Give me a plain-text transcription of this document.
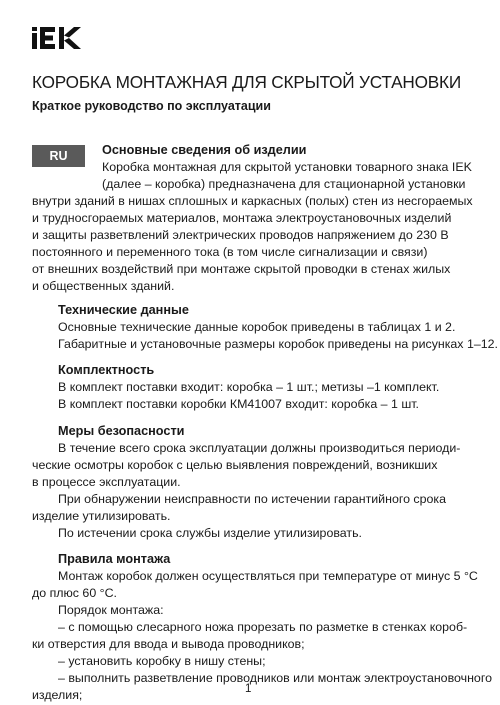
КОРОБКА МОНТАЖНАЯ ДЛЯ СКРЫТОЙ УСТАНОВКИ
Краткое руководство по эксплуатации
RU	Основные сведения об изделии
Коробка монтажная для скрытой установки товарного знака IEK
(далее – коробка) предназначена для стационарной установки
внутри зданий в нишах сплошных и каркасных (полых) стен из несгораемых
и трудносгораемых материалов, монтажа электроустановочных изделий
и защиты разветвлений электрических проводов напряжением до 230 В
постоянного и переменного тока (в том числе сигнализации и связи)
от внешних воздействий при монтаже скрытой проводки в стенах жилых
и общественных зданий.
Технические данные
Основные технические данные коробок приведены в таблицах 1 и 2.
Габаритные и установочные размеры коробок приведены на рисунках 1–12.
Комплектность
В комплект поставки входит: коробка – 1 шт.; метизы –1 комплект.
В комплект поставки коробки КМ41007 входит: коробка – 1 шт.
Меры безопасности
В течение всего срока эксплуатации должны производиться периоди-
ческие осмотры коробок с целью выявления повреждений, возникших
в процессе эксплуатации.
При обнаружении неисправности по истечении гарантийного срока
изделие утилизировать.
По истечении срока службы изделие утилизировать.
Правила монтажа
Монтаж коробок должен осуществляться при температуре от минус 5 °С
до плюс 60 °С.
Порядок монтажа:
– с помощью слесарного ножа прорезать по разметке в стенках короб-
ки отверстия для ввода и вывода проводников;
– установить коробку в нишу стены;
– выполнить разветвление проводников или монтаж электроустановочного
изделия;	1
